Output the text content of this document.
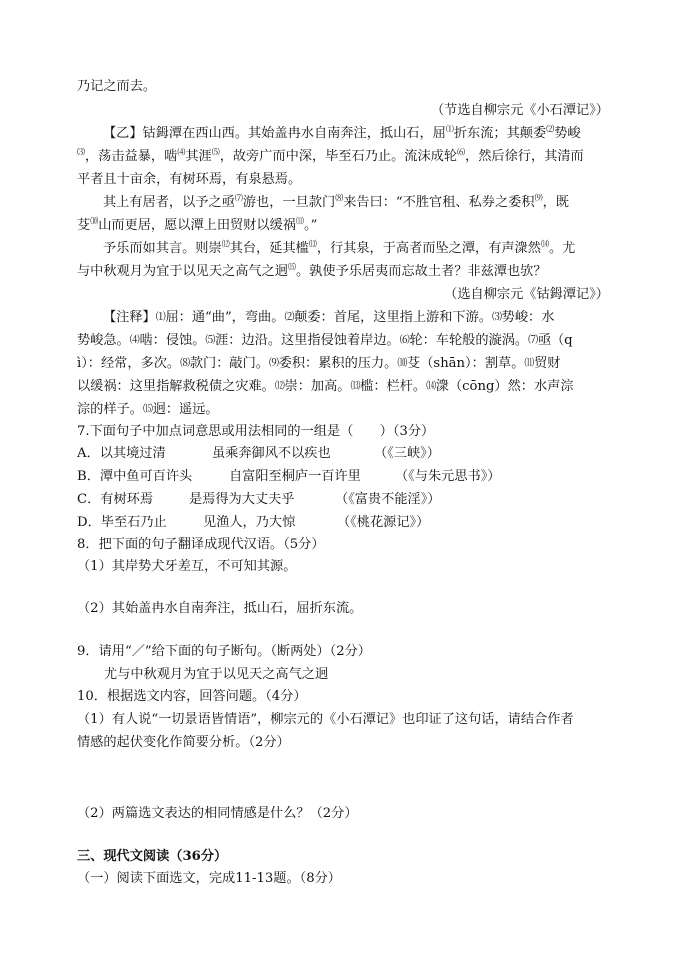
乃记之而去。
（节选自柳宗元《小石潭记》）
【乙】钴鉧潭在西山西。其始盖冉水自南奔注，抵山石，屈⑴折东流；其颠委⑵势峻
⑶，荡击益暴，啮⑷其涯⑸，故旁广而中深，毕至石乃止。流沫成轮⑹，然后徐行，其清而
平者且十亩余，有树环焉，有泉悬焉。
其上有居者，以予之亟⑺游也，一旦款门⑻来告曰：“不胜官租、私券之委积⑼，既
芟⑽山而更居，愿以潭上田贸财以缓祸⑾。”
予乐而如其言。则崇⑿其台，延其槛⒀，行其泉，于高者而坠之潭，有声潨然⒁。尤
与中秋观月为宜于以见天之高气之迥⒂。孰使予乐居夷而忘故土者？非兹潭也欤？
（选自柳宗元《钴鉧潭记》）
【注释】⑴屈：通“曲”，弯曲。⑵颠委：首尾，这里指上游和下游。⑶势峻：水
势峻急。⑷啮：侵蚀。⑸涯：边沿。这里指侵蚀着岸边。⑹轮：车轮般的漩涡。⑺亟（q
ì）：经常，多次。⑻款门：敲门。⑼委积：累积的压力。⑽芟（shān）：割草。⑾贸财
以缓祸：这里指解救税债之灾难。⑿崇：加高。⒀槛：栏杆。⒁潨（cōng）然：水声淙
淙的样子。⒂迥：遥远。
7.下面句子中加点词意思或用法相同的一组是（　　）（3分）
A．以其境过清	虽乘奔御风不以疾也	（《三峡》）
B．潭中鱼可百许头	自富阳至桐庐一百许里	（《与朱元思书》）
C．有树环焉	是焉得为大丈夫乎	（《富贵不能淫》）
D．毕至石乃止	见渔人，乃大惊	（《桃花源记》）
8．把下面的句子翻译成现代汉语。（5分）
（1）其岸势犬牙差互，不可知其源。
（2）其始盖冉水自南奔注，抵山石，屈折东流。
9．请用“／”给下面的句子断句。（断两处）（2分）
尤与中秋观月为宜于以见天之高气之迥
10．根据选文内容，回答问题。（4分）
（1）有人说“一切景语皆情语”，柳宗元的《小石潭记》也印证了这句话，请结合作者
情感的起伏变化作简要分析。（2分）
（2）两篇选文表达的相同情感是什么？（2分）
三、现代文阅读（36分）
（一）阅读下面选文，完成11-13题。（8分）
